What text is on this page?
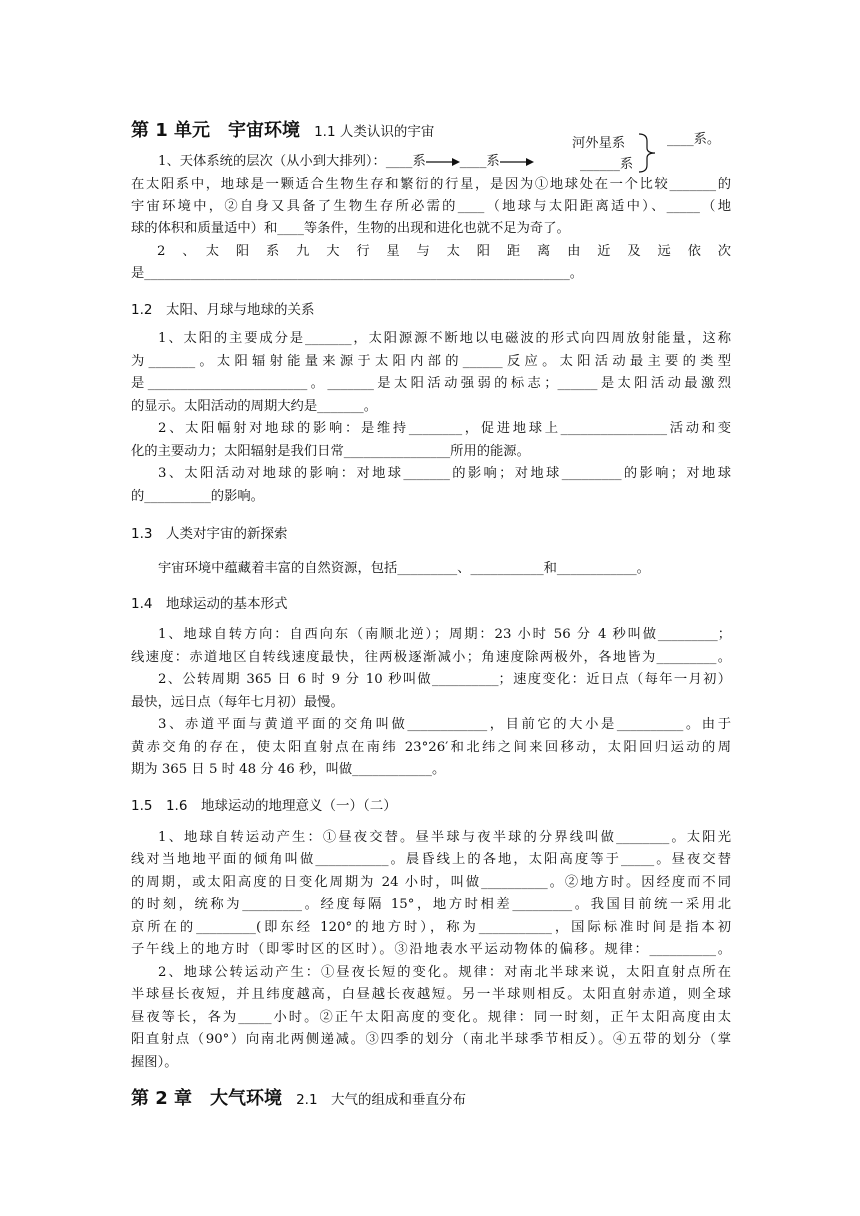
第 1 单元　宇宙环境 1.1 人类认识的宇宙
河外星系
______系
____系。
1、天体系统的层次（从小到大排列）：____系	____系
在太阳系中，地球是一颗适合生物生存和繁衍的行星，是因为①地球处在一个比较_______的
宇宙环境中，②自身又具备了生物生存所必需的____（地球与太阳距离适中）、_____（地
球的体积和质量适中）和____等条件，生物的出现和进化也就不足为奇了。
2　、　太　阳　系　九　大　行　星　与　太　阳　距　离　由　近　及　远　依　次
是________________________________________________________________。
1.2　太阳、月球与地球的关系
1、太阳的主要成分是_______，太阳源源不断地以电磁波的形式向四周放射能量，这称
为_______。太阳辐射能量来源于太阳内部的______反应。太阳活动最主要的类型
是________________________。_______是太阳活动强弱的标志；______是太阳活动最激烈
的显示。太阳活动的周期大约是_______。
2、太阳幅射对地球的影响：是维持________，促进地球上________________活动和变
化的主要动力；太阳辐射是我们日常________________所用的能源。
3、太阳活动对地球的影响：对地球_______的影响；对地球_________的影响；对地球
的__________的影响。
1.3　人类对宇宙的新探索
宇宙环境中蕴藏着丰富的自然资源，包括_________、___________和____________。
1.4　地球运动的基本形式
1、地球自转方向：自西向东（南顺北逆）；周期：23 小时 56 分 4 秒叫做_________；
线速度：赤道地区自转线速度最快，往两极逐渐减小；角速度除两极外，各地皆为_________。
2、公转周期 365 日 6 时 9 分 10 秒叫做__________；速度变化：近日点（每年一月初）
最快，远日点（每年七月初）最慢。
3、赤道平面与黄道平面的交角叫做____________，目前它的大小是__________。由于
黄赤交角的存在，使太阳直射点在南纬 23°26′和北纬之间来回移动，太阳回归运动的周
期为 365 日 5 时 48 分 46 秒，叫做____________。
1.5　1.6　地球运动的地理意义（一）（二）
1、地球自转运动产生：①昼夜交替。昼半球与夜半球的分界线叫做________。太阳光
线对当地地平面的倾角叫做___________。晨昏线上的各地，太阳高度等于_____。昼夜交替
的周期，或太阳高度的日变化周期为 24 小时，叫做__________。②地方时。因经度而不同
的时刻，统称为_________。经度每隔 15°，地方时相差_________。我国目前统一采用北
京所在的_________(即东经 120°的地方时），称为___________，国际标准时间是指本初
子午线上的地方时（即零时区的区时）。③沿地表水平运动物体的偏移。规律：__________。
2、地球公转运动产生：①昼夜长短的变化。规律：对南北半球来说，太阳直射点所在
半球昼长夜短，并且纬度越高，白昼越长夜越短。另一半球则相反。太阳直射赤道，则全球
昼夜等长，各为_____小时。②正午太阳高度的变化。规律：同一时刻，正午太阳高度由太
阳直射点（90°）向南北两侧递减。③四季的划分（南北半球季节相反）。④五带的划分（掌
握图）。
第 2 章　大气环境 2.1　大气的组成和垂直分布
